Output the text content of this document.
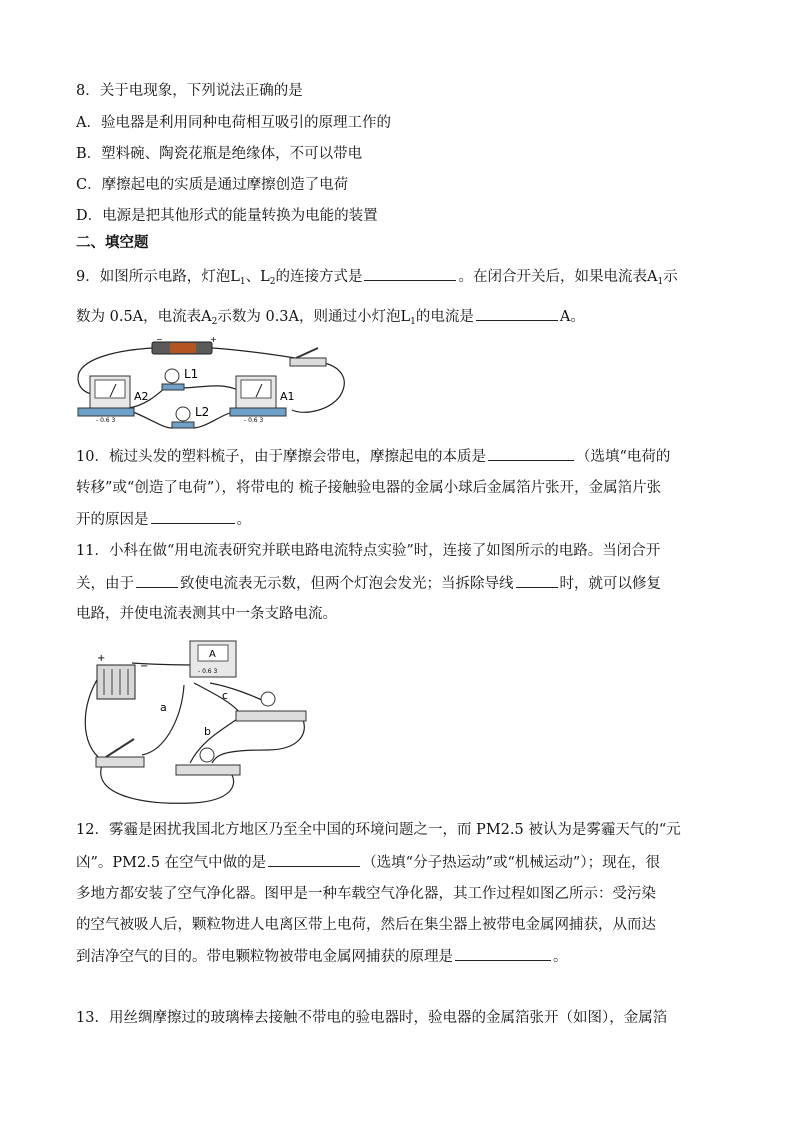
8．关于电现象，下列说法正确的是
A．验电器是利用同种电荷相互吸引的原理工作的
B．塑料碗、陶瓷花瓶是绝缘体，不可以带电
C．摩擦起电的实质是通过摩擦创造了电荷
D．电源是把其他形式的能量转换为电能的装置
二、填空题
9．如图所示电路，灯泡$L_1$、$L_2$的连接方式是	。在闭合开关后，如果电流表$A_1$示
数为 0.5A，电流表$A_2$示数为 0.3A，则通过小灯泡$L_1$的电流是	A。
−	+
A2
- 0.6 3
L1
L2
A1
- 0.6 3
10．梳过头发的塑料梳子，由于摩擦会带电，摩擦起电的本质是	（选填“电荷的
转移”或“创造了电荷”），将带电的 梳子接触验电器的金属小球后金属箔片张开，金属箔片张
开的原因是	。
11．小科在做“用电流表研究并联电路电流特点实验”时，连接了如图所示的电路。当闭合开
关，由于	致使电流表无示数，但两个灯泡会发光；当拆除导线	时，就可以修复
电路，并使电流表测其中一条支路电流。
+
−
A
- 0.6 3
a
b
c
12．雾霾是困扰我国北方地区乃至全中国的环境问题之一，而 PM2.5 被认为是雾霾天气的“元
凶”。PM2.5 在空气中做的是	（选填“分子热运动”或“机械运动”）；现在，很
多地方都安装了空气净化器。图甲是一种车载空气净化器，其工作过程如图乙所示：受污染
的空气被吸人后，颗粒物进人电离区带上电荷，然后在集尘器上被带电金属网捕获，从而达
到洁净空气的目的。带电颗粒物被带电金属网捕获的原理是	。
13．用丝绸摩擦过的玻璃棒去接触不带电的验电器时，验电器的金属箔张开（如图），金属箔
